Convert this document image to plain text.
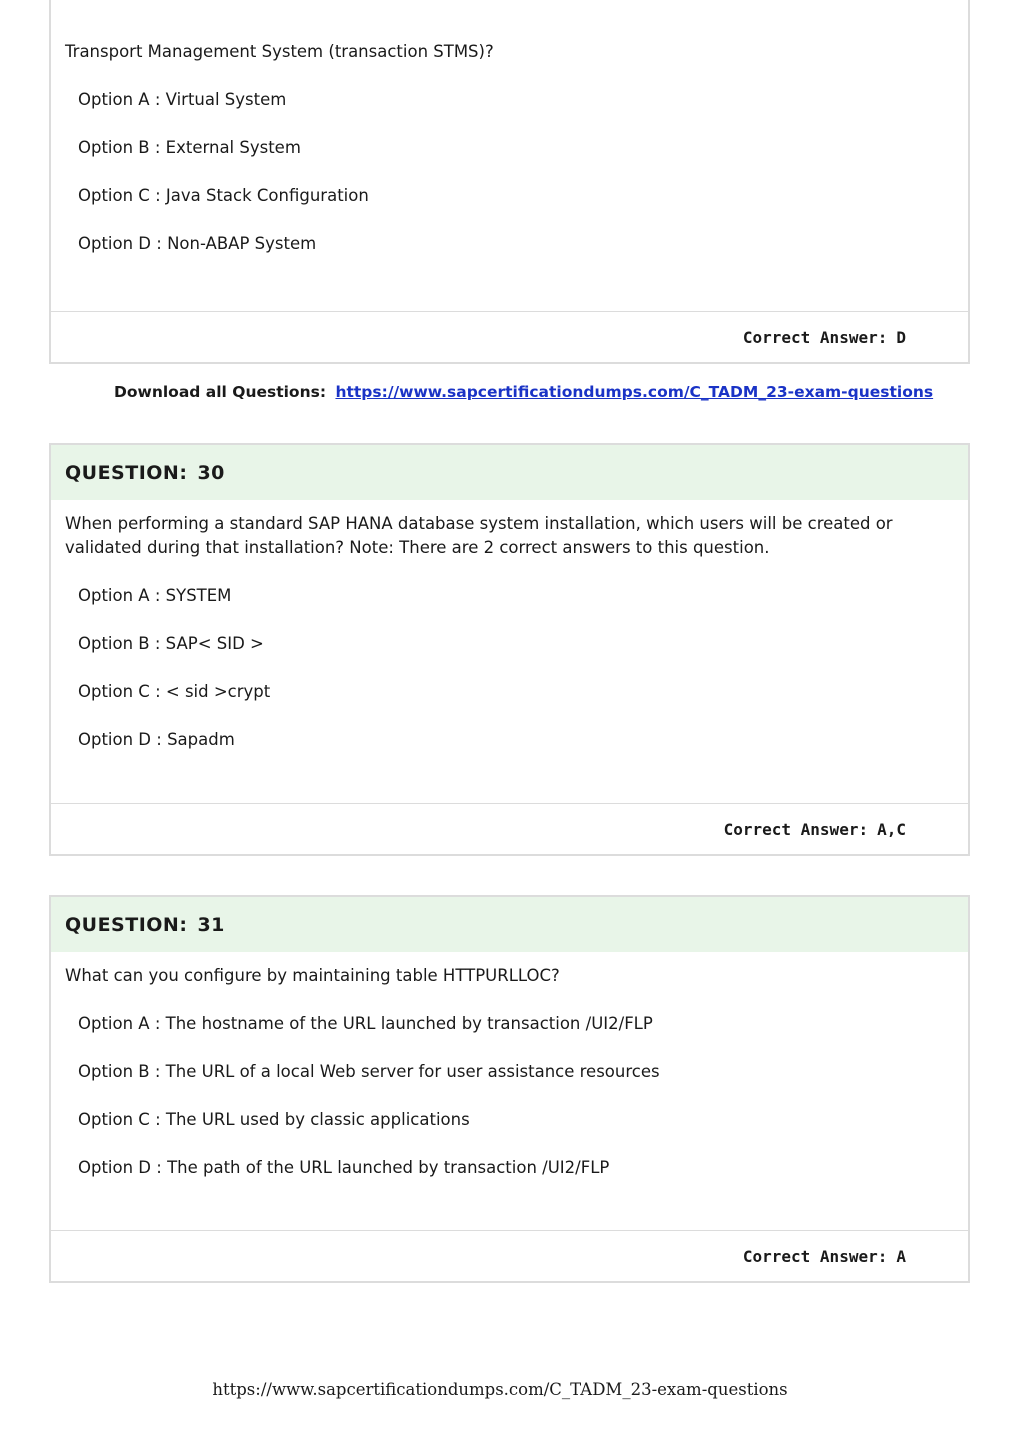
Transport Management System (transaction STMS)?

Option A : Virtual System
Option B : External System
Option C : Java Stack Configuration
Option D : Non-ABAP System
Correct Answer: D
Download all Questions: https://www.sapcertificationdumps.com/C_TADM_23-exam-questions
QUESTION: 30

When performing a standard SAP HANA database system installation, which users will be created or validated during that installation? Note: There are 2 correct answers to this question.

Option A : SYSTEM
Option B : SAP< SID >
Option C : < sid >crypt
Option D : Sapadm
Correct Answer: A,C
QUESTION: 31

What can you configure by maintaining table HTTPURLLOC?

Option A : The hostname of the URL launched by transaction /UI2/FLP
Option B : The URL of a local Web server for user assistance resources
Option C : The URL used by classic applications
Option D : The path of the URL launched by transaction /UI2/FLP
Correct Answer: A
https://www.sapcertificationdumps.com/C_TADM_23-exam-questions
